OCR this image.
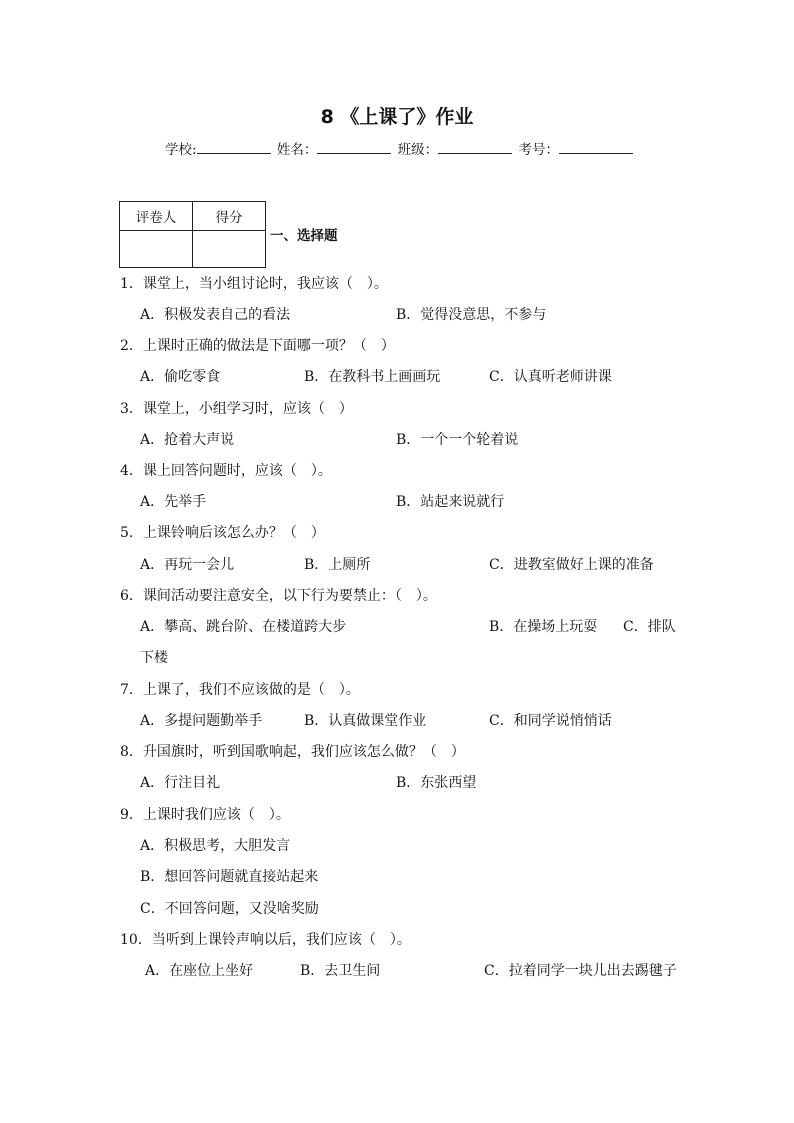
8 《上课了》作业
学校:	姓名：	班级：	考号：
评卷人	得分

一、选择题
1．课堂上，当小组讨论时，我应该（　）。
A．积极发表自己的看法	B．觉得没意思，不参与
2．上课时正确的做法是下面哪一项？（　）
A．偷吃零食	B．在教科书上画画玩	C．认真听老师讲课
3．课堂上，小组学习时，应该（　）
A．抢着大声说	B．一个一个轮着说
4．课上回答问题时，应该（　）。
A．先举手	B．站起来说就行
5．上课铃响后该怎么办？（　）
A．再玩一会儿	B．上厕所	C．进教室做好上课的准备
6．课间活动要注意安全，以下行为要禁止：（　）。
A．攀高、跳台阶、在楼道跨大步	B．在操场上玩耍 C．排队
下楼
7．上课了，我们不应该做的是（　）。
A．多提问题勤举手	B．认真做课堂作业	C．和同学说悄悄话
8．升国旗时，听到国歌响起，我们应该怎么做？（　）
A．行注目礼	B．东张西望
9．上课时我们应该（　）。
A．积极思考，大胆发言
B．想回答问题就直接站起来
C．不回答问题，又没啥奖励
10．当听到上课铃声响以后，我们应该（　）。
A．在座位上坐好	B．去卫生间	C．拉着同学一块儿出去踢毽子
